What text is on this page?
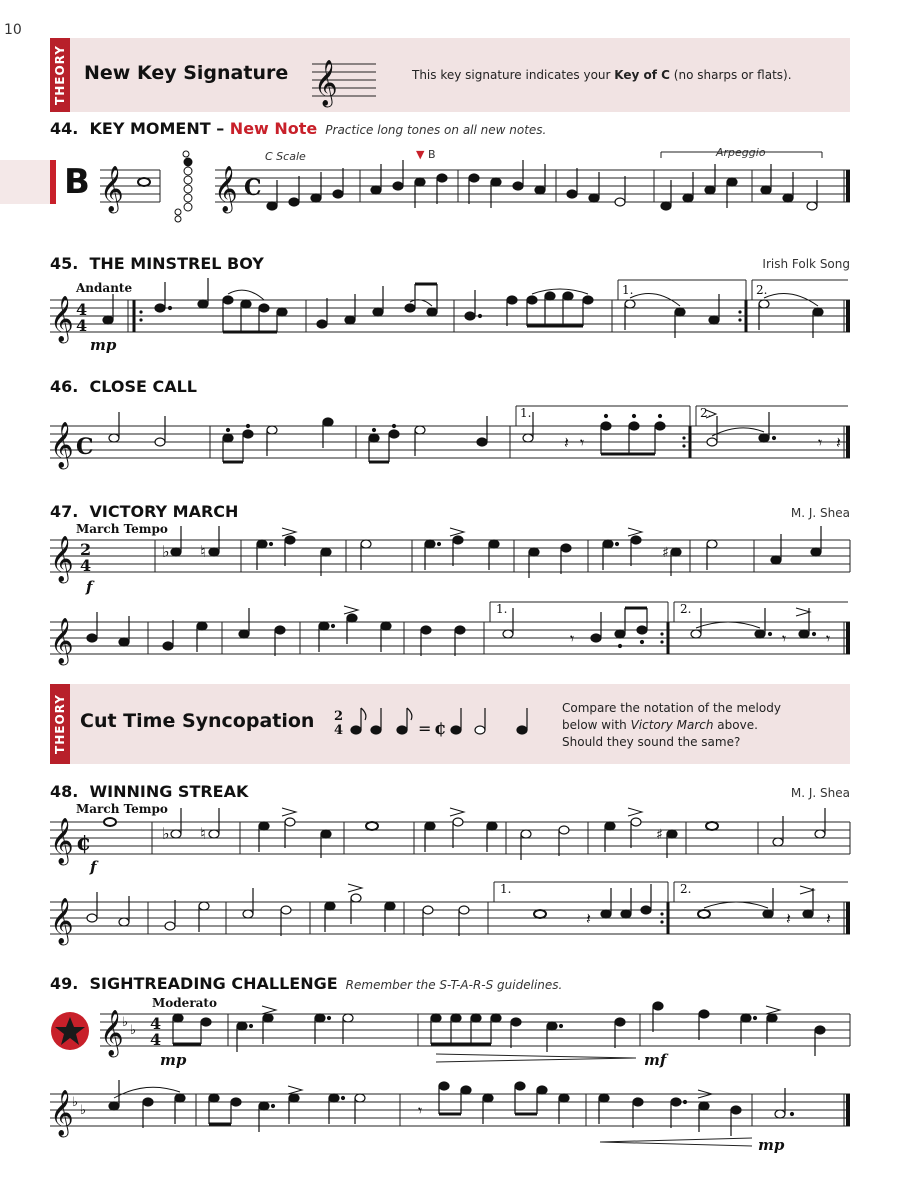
10
THEORY New Key Signature 𝄞	This key signature indicates your Key of C (no sharps or flats).
44. KEY MOMENT – New Note Practice long tones on all new notes.
B
C Scale	▼ B	Arpeggio
𝄞 𝄞 C
45. THE MINSTREL BOY	Irish Folk Song
Andante
mp
1.	2.
𝄞 4
4
46. CLOSE CALL
1.	2.
𝄞 C	𝄾	𝄾 𝄽
𝄽
47. VICTORY MARCH	M. J. Shea
March Tempo
f
𝄞 2
4
♭ ♮	♯
1.	2.
𝄞	𝄾	𝄾 𝄾
THEORY Cut Time Syncopation 2
4	= ¢
Compare the notation of the melody
below with Victory March above.
Should they sound the same?
48. WINNING STREAK	M. J. Shea
March Tempo
f
𝄞 ¢	♭ ♮	♯
1.	2.
𝄞	𝄽	𝄽 𝄽
49. SIGHTREADING CHALLENGE Remember the S-T-A-R-S guidelines.
Moderato
mp	mf
𝄞
♭
♭ 4
4
mp
𝄞
♭
♭	𝄾
